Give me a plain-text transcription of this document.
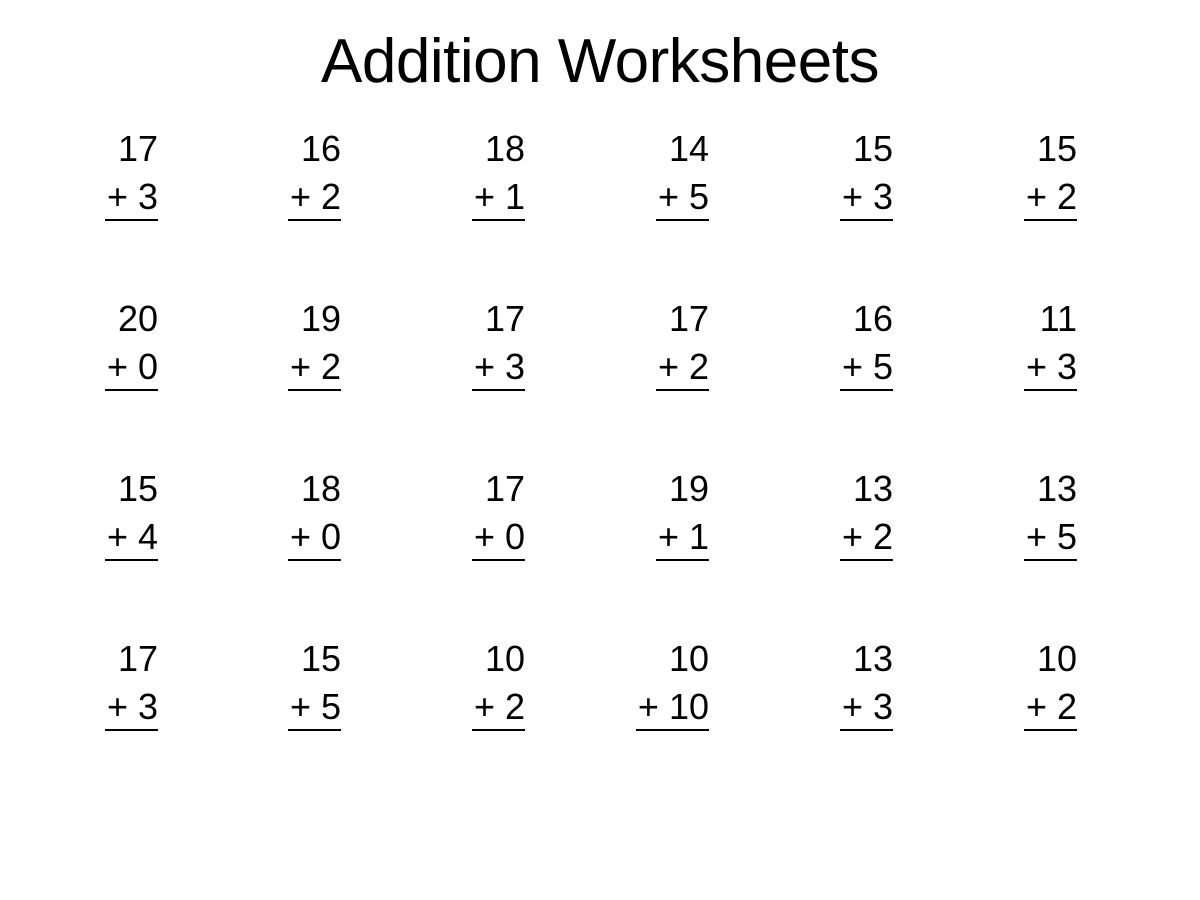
Addition Worksheets
17
+ 3
16
+ 2
18
+ 1
14
+ 5
15
+ 3
15
+ 2
20
+ 0
19
+ 2
17
+ 3
17
+ 2
16
+ 5
11
+ 3
15
+ 4
18
+ 0
17
+ 0
19
+ 1
13
+ 2
13
+ 5
17
+ 3
15
+ 5
10
+ 2
10
+ 10
13
+ 3
10
+ 2
